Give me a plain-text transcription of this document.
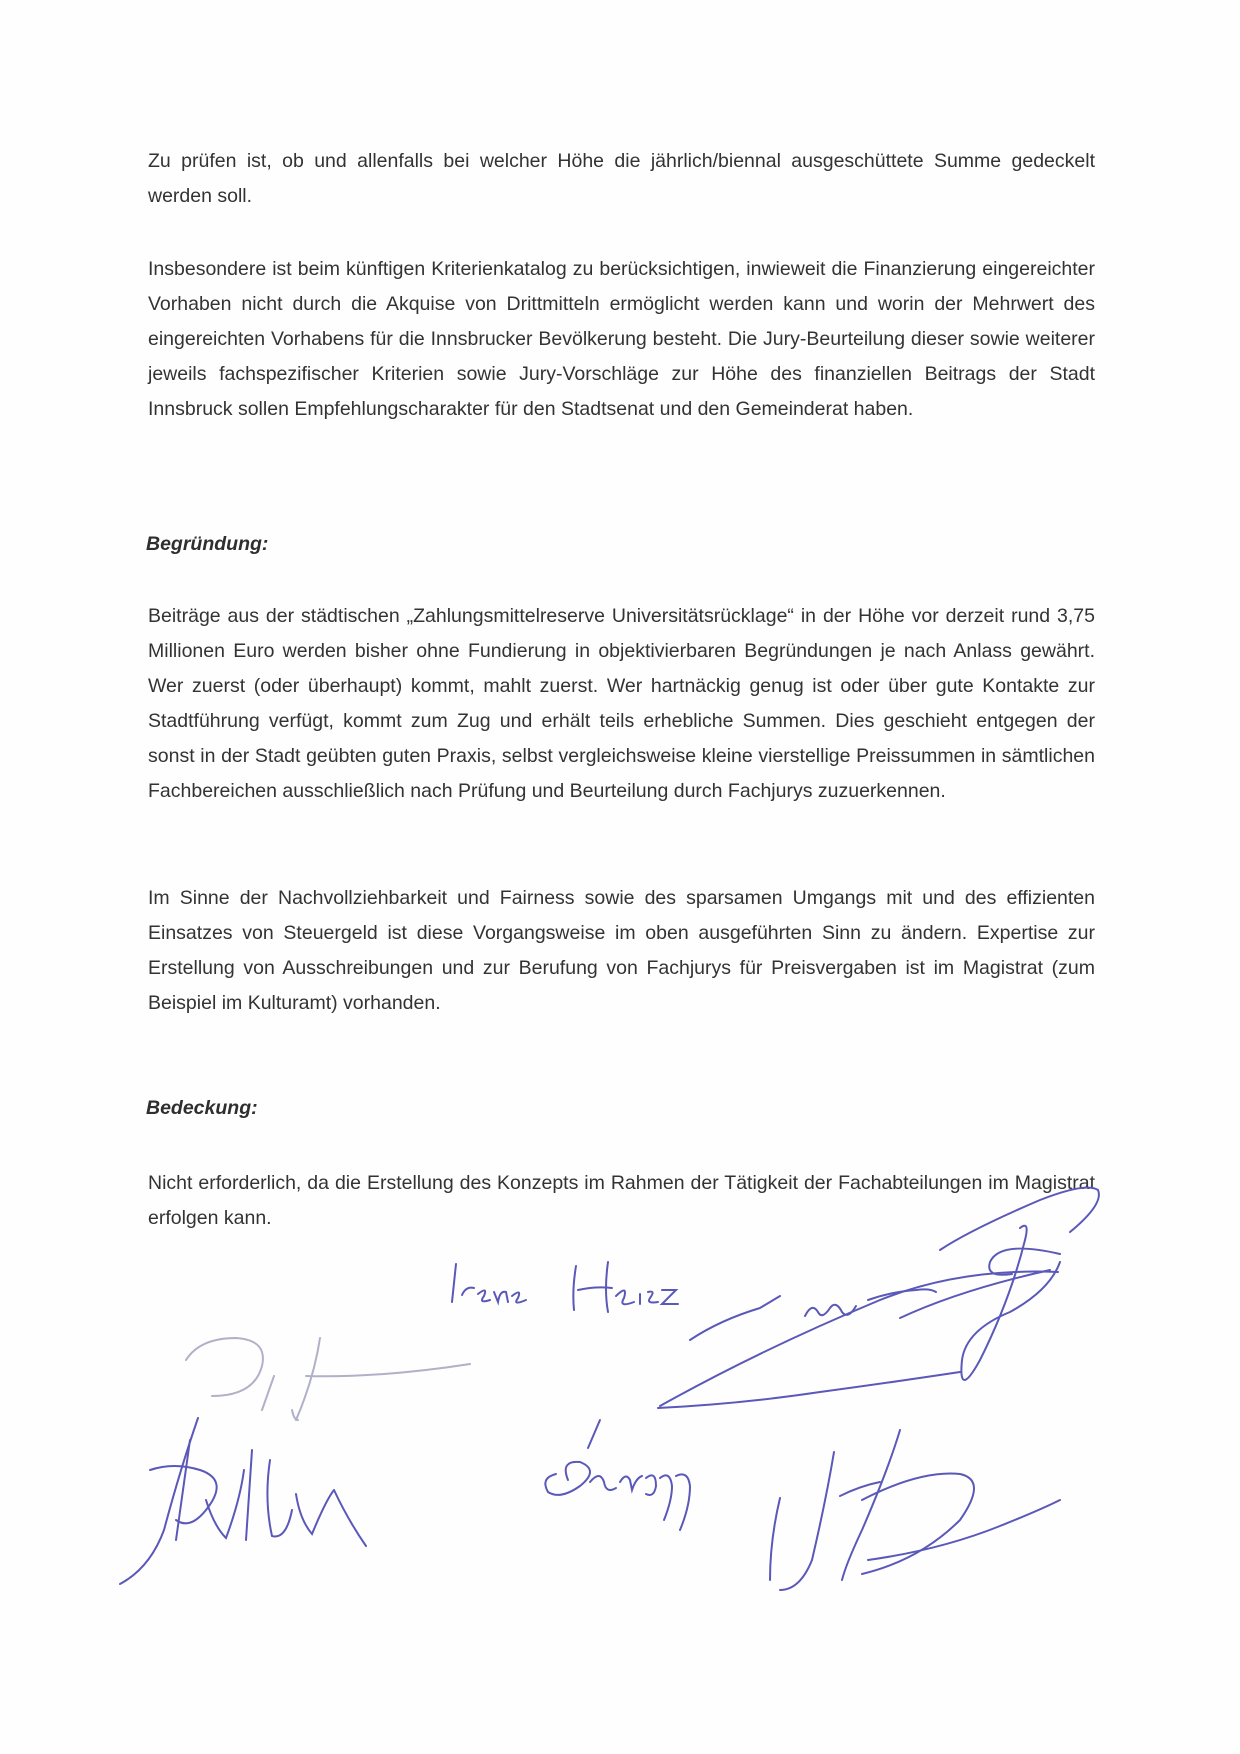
Zu prüfen ist, ob und allenfalls bei welcher Höhe die jährlich/biennal ausgeschüttete Summe gedeckelt werden soll.

Insbesondere ist beim künftigen Kriterienkatalog zu berücksichtigen, inwieweit die Finanzierung eingereichter Vorhaben nicht durch die Akquise von Drittmitteln ermöglicht werden kann und worin der Mehrwert des eingereichten Vorhabens für die Innsbrucker Bevölkerung besteht. Die Jury-Beurteilung dieser sowie weiterer jeweils fachspezifischer Kriterien sowie Jury-Vorschläge zur Höhe des finanziellen Beitrags der Stadt Innsbruck sollen Empfehlungscharakter für den Stadtsenat und den Gemeinderat haben.

Begründung:

Beiträge aus der städtischen „Zahlungsmittelreserve Universitätsrücklage“ in der Höhe vor derzeit rund 3,75 Millionen Euro werden bisher ohne Fundierung in objektivierbaren Begründungen je nach Anlass gewährt. Wer zuerst (oder überhaupt) kommt, mahlt zuerst. Wer hartnäckig genug ist oder über gute Kontakte zur Stadtführung verfügt, kommt zum Zug und erhält teils erhebliche Summen. Dies geschieht entgegen der sonst in der Stadt geübten guten Praxis, selbst vergleichsweise kleine vierstellige Preissummen in sämtlichen Fachbereichen ausschließlich nach Prüfung und Beurteilung durch Fachjurys zuzuerkennen.

Im Sinne der Nachvollziehbarkeit und Fairness sowie des sparsamen Umgangs mit und des effizienten Einsatzes von Steuergeld ist diese Vorgangsweise im oben ausgeführten Sinn zu ändern. Expertise zur Erstellung von Ausschreibungen und zur Berufung von Fachjurys für Preisvergaben ist im Magistrat (zum Beispiel im Kulturamt) vorhanden.

Bedeckung:

Nicht erforderlich, da die Erstellung des Konzepts im Rahmen der Tätigkeit der Fachabteilungen im Magistrat erfolgen kann.
